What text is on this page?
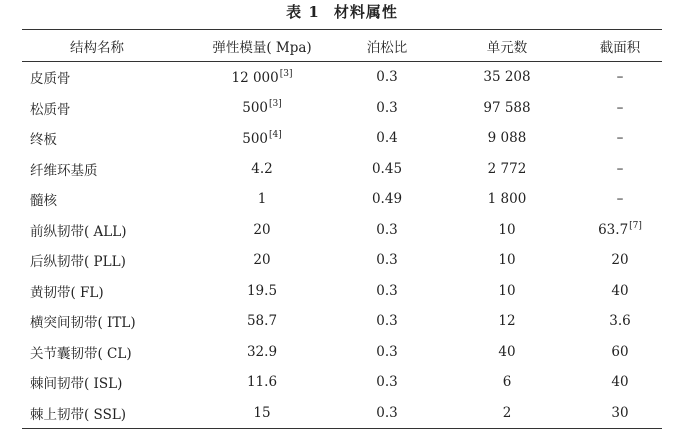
表 1 材料属性
结构名称	弹性模量( Mpa)	泊松比	单元数	截面积
皮质骨	12 000[3]	0.3	35 208	–
松质骨	500[3]	0.3	97 588	–
终板	500[4]	0.4	9 088	–
纤维环基质	4.2	0.45	2 772	–
髓核	1	0.49	1 800	–
前纵韧带( ALL)	20	0.3	10	63.7[7]
后纵韧带( PLL)	20	0.3	10	20
黄韧带( FL)	19.5	0.3	10	40
横突间韧带( ITL)	58.7	0.3	12	3.6
关节囊韧带( CL)	32.9	0.3	40	60
棘间韧带( ISL)	11.6	0.3	6	40
棘上韧带( SSL)	15	0.3	2	30
